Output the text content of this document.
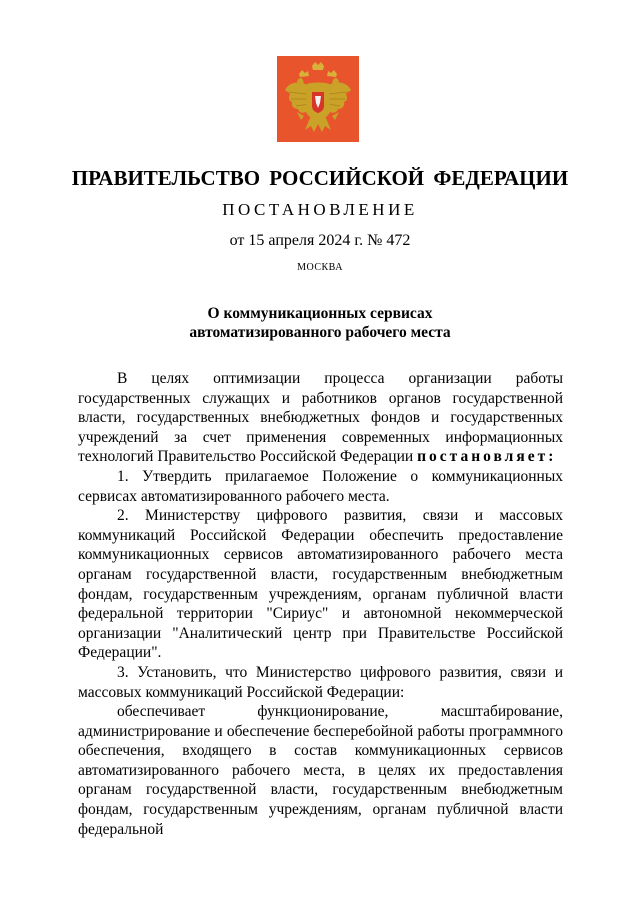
ПРАВИТЕЛЬСТВО РОССИЙСКОЙ ФЕДЕРАЦИИ
ПОСТАНОВЛЕНИЕ
от 15 апреля 2024 г. № 472
МОСКВА
О коммуникационных сервисах
автоматизированного рабочего места

В целях оптимизации процесса организации работы государственных служащих и работников органов государственной власти, государственных внебюджетных фондов и государственных учреждений за счет применения современных информационных технологий Правительство Российской Федерации постановляет:

1. Утвердить прилагаемое Положение о коммуникационных сервисах автоматизированного рабочего места.

2. Министерству цифрового развития, связи и массовых коммуникаций Российской Федерации обеспечить предоставление коммуникационных сервисов автоматизированного рабочего места органам государственной власти, государственным внебюджетным фондам, государственным учреждениям, органам публичной власти федеральной территории "Сириус" и автономной некоммерческой организации "Аналитический центр при Правительстве Российской Федерации".

3. Установить, что Министерство цифрового развития, связи и массовых коммуникаций Российской Федерации:

обеспечивает функционирование, масштабирование, администрирование и обеспечение бесперебойной работы программного обеспечения, входящего в состав коммуникационных сервисов автоматизированного рабочего места, в целях их предоставления органам государственной власти, государственным внебюджетным фондам, государственным учреждениям, органам публичной власти федеральной
